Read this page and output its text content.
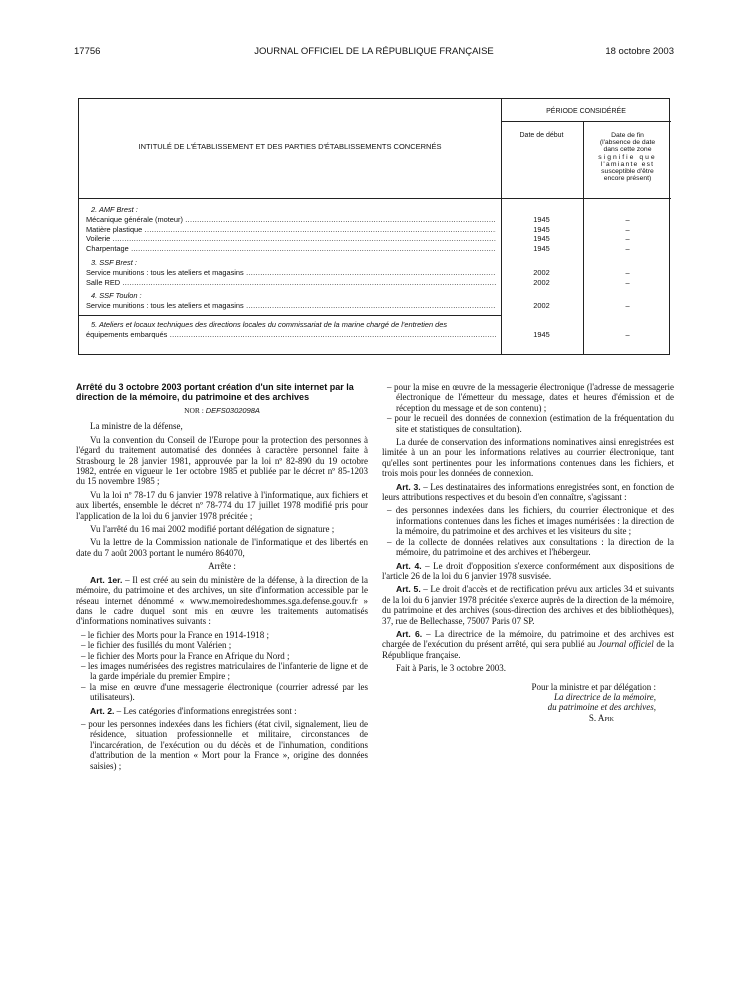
17756	JOURNAL OFFICIEL DE LA RÉPUBLIQUE FRANÇAISE	18 octobre 2003
INTITULÉ DE L'ÉTABLISSEMENT ET DES PARTIES D'ÉTABLISSEMENTS CONCERNÉS
PÉRIODE CONSIDÉRÉE
Date de début	Date de fin
(l'absence de date
dans cette zone
signifie que
l'amiante est
susceptible d'être
encore présent)
2. AMF Brest :
Mécanique générale (moteur) .....	1945	–
Matière plastique .....	1945	–
Voilerie .....	1945	–
Charpentage .....	1945	–
3. SSF Brest :
Service munitions : tous les ateliers et magasins .....	2002	–
Salle RED .....	2002	–
4. SSF Toulon :
Service munitions : tous les ateliers et magasins .....	2002	–
5. Ateliers et locaux techniques des directions locales du commissariat de la marine chargé de l'entretien des
équipements embarqués .....	1945	–

Arrêté du 3 octobre 2003 portant création d'un site internet par la direction de la mémoire, du patrimoine et des archives

NOR : DEFS0302098A

La ministre de la défense,

Vu la convention du Conseil de l'Europe pour la protection des personnes à l'égard du traitement automatisé des données à caractère personnel faite à Strasbourg le 28 janvier 1981, approuvée par la loi nº 82-890 du 19 octobre 1982, entrée en vigueur le 1er octobre 1985 et publiée par le décret nº 85-1203 du 15 novembre 1985 ;

Vu la loi nº 78-17 du 6 janvier 1978 relative à l'informatique, aux fichiers et aux libertés, ensemble le décret nº 78-774 du 17 juillet 1978 modifié pris pour l'application de la loi du 6 janvier 1978 précitée ;

Vu l'arrêté du 16 mai 2002 modifié portant délégation de signature ;

Vu la lettre de la Commission nationale de l'informatique et des libertés en date du 7 août 2003 portant le numéro 864070,

Arrête :

Art. 1er. – Il est créé au sein du ministère de la défense, à la direction de la mémoire, du patrimoine et des archives, un site d'information accessible par le réseau internet dénommé « www.memoiredeshommes.sga.defense.gouv.fr » dans le cadre duquel sont mis en œuvre les traitements automatisés d'informations nominatives suivants :

– le fichier des Morts pour la France en 1914-1918 ;

– le fichier des fusillés du mont Valérien ;

– le fichier des Morts pour la France en Afrique du Nord ;

– les images numérisées des registres matriculaires de l'infanterie de ligne et de la garde impériale du premier Empire ;

– la mise en œuvre d'une messagerie électronique (courrier adressé par les utilisateurs).

Art. 2. – Les catégories d'informations enregistrées sont :

– pour les personnes indexées dans les fichiers (état civil, signalement, lieu de résidence, situation professionnelle et militaire, circonstances de l'incarcération, de l'exécution ou du décès et de l'inhumation, conditions d'attribution de la mention « Mort pour la France », origine des données saisies) ;

– pour la mise en œuvre de la messagerie électronique (l'adresse de messagerie électronique de l'émetteur du message, dates et heures d'émission et de réception du message et de son contenu) ;

– pour le recueil des données de connexion (estimation de la fréquentation du site et statistiques de consultation).

La durée de conservation des informations nominatives ainsi enregistrées est limitée à un an pour les informations relatives au courrier électronique, tant qu'elles sont pertinentes pour les informations contenues dans les fichiers, et trois mois pour les données de connexion.

Art. 3. – Les destinataires des informations enregistrées sont, en fonction de leurs attributions respectives et du besoin d'en connaître, s'agissant :

– des personnes indexées dans les fichiers, du courrier électronique et des informations contenues dans les fiches et images numérisées : la direction de la mémoire, du patrimoine et des archives et les visiteurs du site ;

– de la collecte de données relatives aux consultations : la direction de la mémoire, du patrimoine et des archives et l'hébergeur.

Art. 4. – Le droit d'opposition s'exerce conformément aux dispositions de l'article 26 de la loi du 6 janvier 1978 susvisée.

Art. 5. – Le droit d'accès et de rectification prévu aux articles 34 et suivants de la loi du 6 janvier 1978 précitée s'exerce auprès de la direction de la mémoire, du patrimoine et des archives (sous-direction des archives et des bibliothèques), 37, rue de Bellechasse, 75007 Paris 07 SP.

Art. 6. – La directrice de la mémoire, du patrimoine et des archives est chargée de l'exécution du présent arrêté, qui sera publié au Journal officiel de la République française.

Fait à Paris, le 3 octobre 2003.

Pour la ministre et par délégation :

La directrice de la mémoire,

du patrimoine et des archives,

S. Apik
